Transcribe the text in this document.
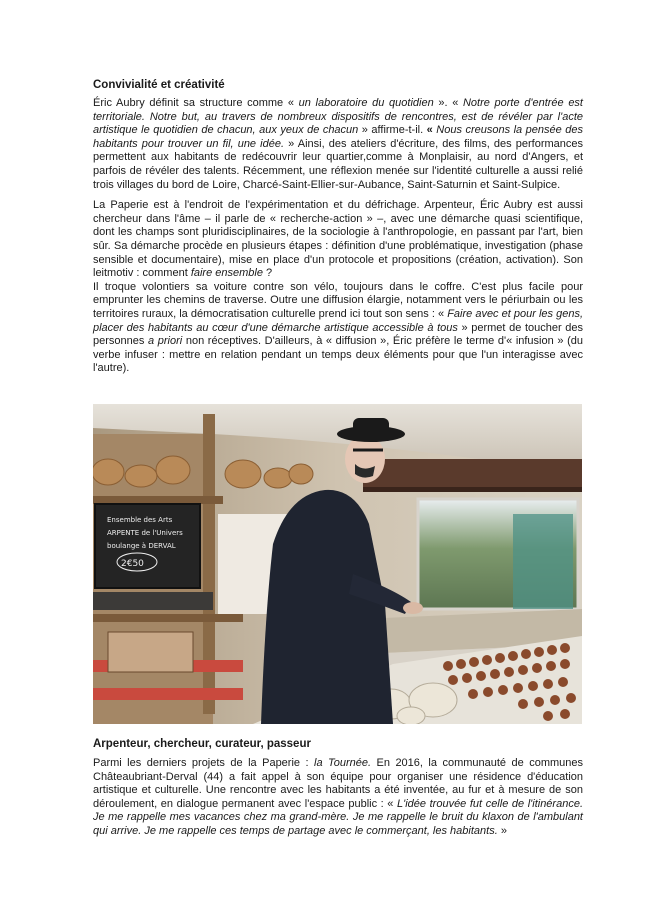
Convivialité et créativité

Éric Aubry définit sa structure comme « un laboratoire du quotidien ». « Notre porte d'entrée est territoriale. Notre but, au travers de nombreux dispositifs de rencontres, est de révéler par l'acte artistique le quotidien de chacun, aux yeux de chacun » affirme-t-il. « Nous creusons la pensée des habitants pour trouver un fil, une idée. » Ainsi, des ateliers d'écriture, des films, des performances permettent aux habitants de redécouvrir leur quartier,comme à Monplaisir, au nord d'Angers, et parfois de révéler des talents. Récemment, une réflexion menée sur l'identité culturelle a aussi relié trois villages du bord de Loire, Charcé-Saint-Ellier-sur-Aubance, Saint-Saturnin et Saint-Sulpice.

La Paperie est à l'endroit de l'expérimentation et du défrichage. Arpenteur, Éric Aubry est aussi chercheur dans l'âme – il parle de « recherche-action » –, avec une démarche quasi scientifique, dont les champs sont pluridisciplinaires, de la sociologie à l'anthropologie, en passant par l'art, bien sûr. Sa démarche procède en plusieurs étapes : définition d'une problématique, investigation (phase sensible et documentaire), mise en place d'un protocole et propositions (création, activation). Son leitmotiv : comment faire ensemble ?

Il troque volontiers sa voiture contre son vélo, toujours dans le coffre. C'est plus facile pour emprunter les chemins de traverse. Outre une diffusion élargie, notamment vers le périurbain ou les territoires ruraux, la démocratisation culturelle prend ici tout son sens : « Faire avec et pour les gens, placer des habitants au cœur d'une démarche artistique accessible à tous » permet de toucher des personnes a priori non réceptives. D'ailleurs, à « diffusion », Éric préfère le terme d'« infusion » (du verbe infuser : mettre en relation pendant un temps deux éléments pour que l'un interagisse avec l'autre).

Ensemble des Arts
ARPENTE de l'Univers
boulange à DERVAL
2€50
Arpenteur, chercheur, curateur, passeur

Parmi les derniers projets de la Paperie : la Tournée. En 2016, la communauté de communes Châteaubriant-Derval (44) a fait appel à son équipe pour organiser une résidence d'éducation artistique et culturelle. Une rencontre avec les habitants a été inventée, au fur et à mesure de son déroulement, en dialogue permanent avec l'espace public : « L'idée trouvée fut celle de l'itinérance. Je me rappelle mes vacances chez ma grand-mère. Je me rappelle le bruit du klaxon de l'ambulant qui arrive. Je me rappelle ces temps de partage avec le commerçant, les habitants. »
